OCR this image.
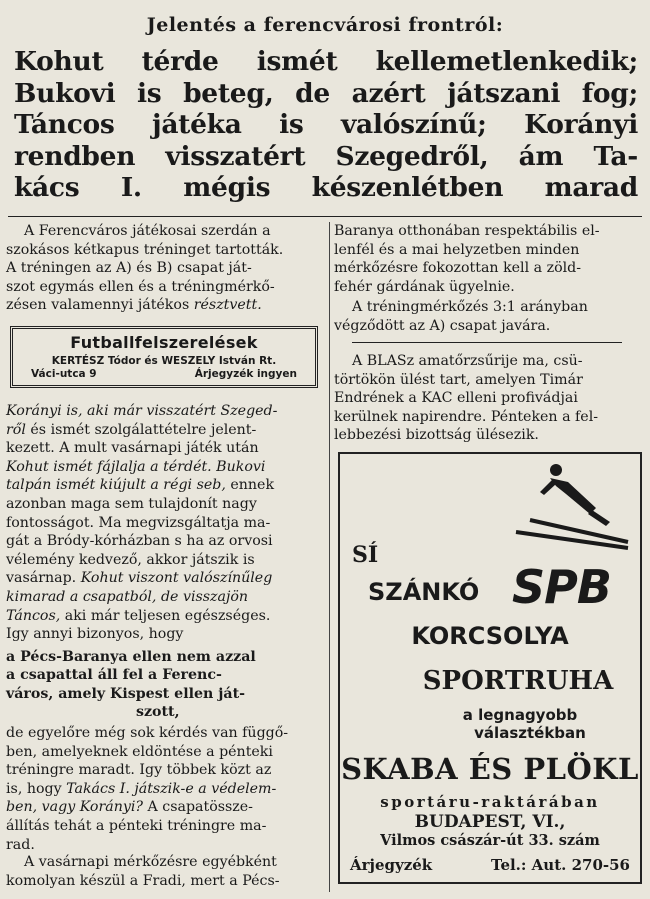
Jelentés a ferencvárosi frontról:
Kohut térde ismét kellemetlenkedik;
Bukovi is beteg, de azért játszani fog;
Táncos játéka is valószínű; Korányi
rendben visszatért Szegedről, ám Ta-
kács I. mégis készenlétben marad

A Ferencváros játékosai szerdán a

szokásos kétkapus tréninget tartották.

A tréningen az A) és B) csapat ját-

szot egymás ellen és a tréningmérkő-

zésen valamennyi játékos résztvett.

Futballfelszerelések
KERTÉSZ Tódor és WESZELY István Rt.
Váci-utca 9	Árjegyzék ingyen

Korányi is, aki már visszatért Szeged-

ről és ismét szolgálattételre jelent-

kezett. A mult vasárnapi játék után

Kohut ismét fájlalja a térdét. Bukovi

talpán ismét kiújult a régi seb, ennek

azonban maga sem tulajdonít nagy

fontosságot. Ma megvizsgáltatja ma-

gát a Bródy-kórházban s ha az orvosi

vélemény kedvező, akkor játszik is

vasárnap. Kohut viszont valószínűleg

kimarad a csapatból, de visszajön

Táncos, aki már teljesen egészséges.

Igy annyi bizonyos, hogy

a Pécs-Baranya ellen nem azzal

a csapattal áll fel a Ferenc-

város, amely Kispest ellen ját-

szott,

de egyelőre még sok kérdés van függő-

ben, amelyeknek eldöntése a pénteki

tréningre maradt. Igy többek közt az

is, hogy Takács I. játszik-e a védelem-

ben, vagy Korányi? A csapatössze-

állítás tehát a pénteki tréningre ma-

rad.

A vasárnapi mérkőzésre egyébként

komolyan készül a Fradi, mert a Pécs-

Baranya otthonában respektábilis el-

lenfél és a mai helyzetben minden

mérkőzésre fokozottan kell a zöld-

fehér gárdának ügyelnie.

A tréningmérkőzés 3:1 arányban

végződött az A) csapat javára.

A BLASz amatőrzsűrije ma, csü-

törtökön ülést tart, amelyen Timár

Endrének a KAC elleni profivádjai

kerülnek napirendre. Pénteken a fel-

lebbezési bizottság ülésezik.

SÍ
SZÁNKÓ SPB
KORCSOLYA
SPORTRUHA
a legnagyobb
választékban
SKABA ÉS PLÖKL
sportáru-raktárában
BUDAPEST, VI.,
Vilmos császár-út 33. szám
Árjegyzék	Tel.: Aut. 270-56
